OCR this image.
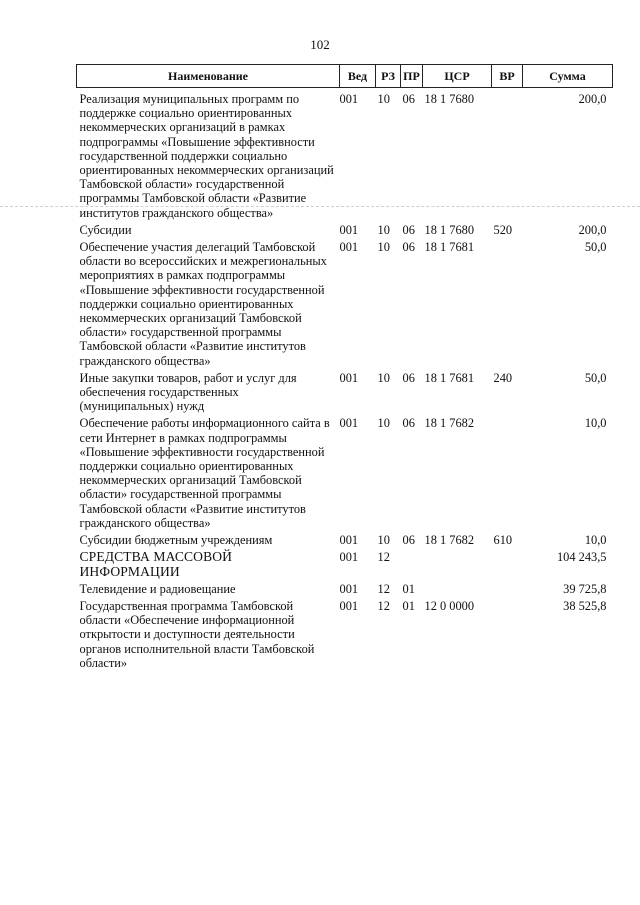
102
Наименование	Вед	РЗ	ПР	ЦСР	ВР	Сумма
Реализация муниципальных программ по поддержке социально ориентированных некоммерческих организаций в рамках подпрограммы «Повышение эффективности государственной поддержки социально ориентированных некоммерческих организаций Тамбовской области» государственной программы Тамбовской области «Развитие институтов гражданского общества»	001	10	06	18 1 7680		200,0
Субсидии	001	10	06	18 1 7680	520	200,0
Обеспечение участия делегаций Тамбовской области во всероссийских и межрегиональных мероприятиях в рамках подпрограммы «Повышение эффективности государственной поддержки социально ориентированных некоммерческих организаций Тамбовской области» государственной программы Тамбовской области «Развитие институтов гражданского общества»	001	10	06	18 1 7681		50,0
Иные закупки товаров, работ и услуг для обеспечения государственных (муниципальных) нужд	001	10	06	18 1 7681	240	50,0
Обеспечение работы информационного сайта в сети Интернет в рамках подпрограммы «Повышение эффективности государственной поддержки социально ориентированных некоммерческих организаций Тамбовской области» государственной программы Тамбовской области «Развитие институтов гражданского общества»	001	10	06	18 1 7682		10,0
Субсидии бюджетным учреждениям	001	10	06	18 1 7682	610	10,0
СРЕДСТВА МАССОВОЙ ИНФОРМАЦИИ	001	12				104 243,5
Телевидение и радиовещание	001	12	01			39 725,8
Государственная программа Тамбовской области «Обеспечение информационной открытости и доступности деятельности органов исполнительной власти Тамбовской области»	001	12	01	12 0 0000		38 525,8
